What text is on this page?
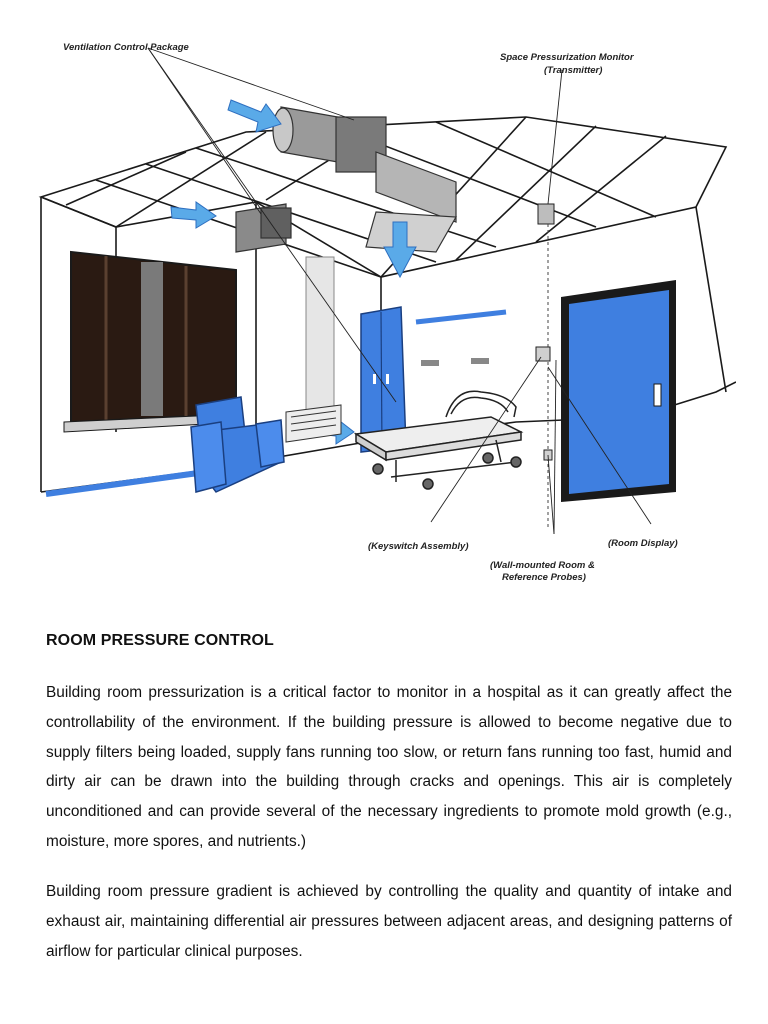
Ventilation Control Package
Space Pressurization Monitor
(Transmitter)
(Keyswitch Assembly)	(Room Display)
(Wall-mounted Room &
Reference Probes)
ROOM PRESSURE CONTROL
Building room pressurization is a critical factor to monitor in a hospital as it can greatly affect the controllability of the environment. If the building pressure is allowed to become negative due to supply filters being loaded, supply fans running too slow, or return fans running too fast, humid and dirty air can be drawn into the building through cracks and openings. This air is completely unconditioned and can provide several of the necessary ingredients to promote mold growth (e.g., moisture, more spores, and nutrients.)
Building room pressure gradient is achieved by controlling the quality and quantity of intake and exhaust air, maintaining differential air pressures between adjacent areas, and designing patterns of airflow for particular clinical purposes.
